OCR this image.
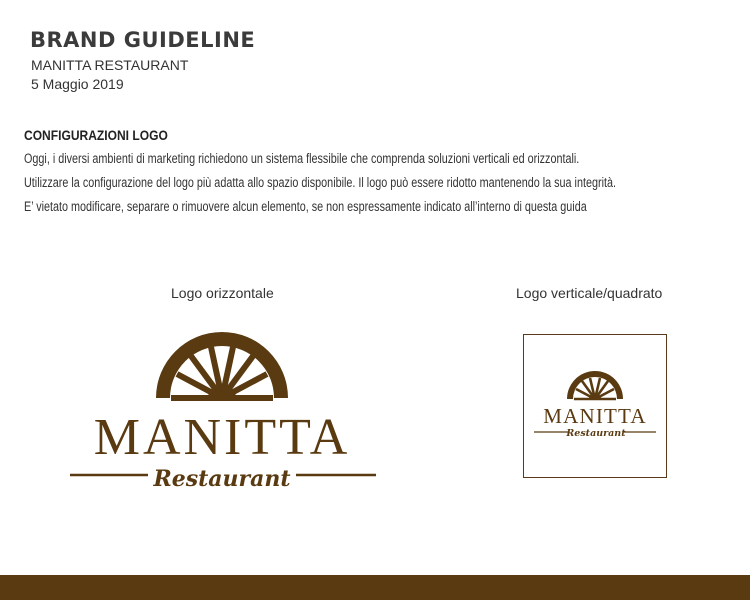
BRAND GUIDELINE
MANITTA RESTAURANT
5 Maggio 2019
CONFIGURAZIONI LOGO
Oggi, i diversi ambienti di marketing richiedono un sistema flessibile che comprenda soluzioni verticali ed orizzontali.
Utilizzare la configurazione del logo più adatta allo spazio disponibile. Il logo può essere ridotto mantenendo la sua integrità.
E’ vietato modificare, separare o rimuovere alcun elemento, se non espressamente indicato all’interno di questa guida
Logo orizzontale	Logo verticale/quadrato
MANITTA
Restaurant
MANITTA
Restaurant
